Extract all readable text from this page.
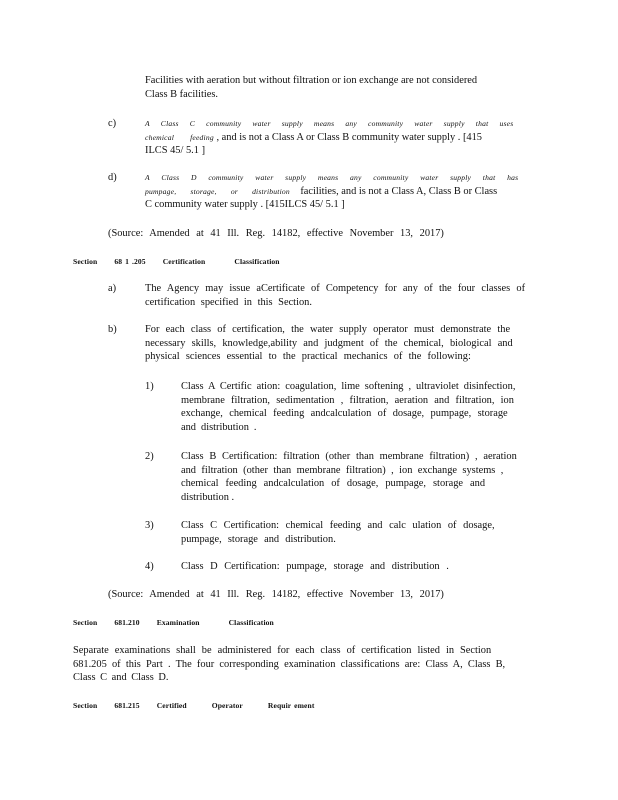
Facilities with aeration but without filtration or ion exchange are not considered
Class B facilities.
c)	A Class C community water supply means any community water supply that uses
chemical feeding , and is not a Class A or Class B community water supply . [415
ILCS 45/ 5.1 ]
d)	A Class D community water supply means any community water supply that has
pumpage, storage, or distribution facilities, and is not a Class A, Class B or Class
C community water supply . [415ILCS 45/ 5.1 ]
(Source: Amended at 41 Ill. Reg. 14182, effective November 13, 2017)
Section 68 1 .205 Certification	Classification
a)	The Agency may issue aCertificate of Competency for any of the four classes of
certification specified in this Section.
b)	For each class of certification, the water supply operator must demonstrate the
necessary skills, knowledge,ability and judgment of the chemical, biological and
physical sciences essential to the practical mechanics of the following:
1)	Class A Certific ation: coagulation, lime softening , ultraviolet disinfection,
membrane filtration, sedimentation , filtration, aeration and filtration, ion
exchange, chemical feeding andcalculation of dosage, pumpage, storage
and distribution .
2)	Class B Certification: filtration (other than membrane filtration) , aeration
and filtration (other than membrane filtration) , ion exchange systems ,
chemical feeding andcalculation of dosage, pumpage, storage and
distribution .
3)	Class C Certification: chemical feeding and calc ulation of dosage,
pumpage, storage and distribution.
4)	Class D Certification: pumpage, storage and distribution .
(Source: Amended at 41 Ill. Reg. 14182, effective November 13, 2017)
Section 681.210 Examination	Classification
Separate examinations shall be administered for each class of certification listed in Section
681.205 of this Part . The four corresponding examination classifications are: Class A, Class B,
Class C and Class D.
Section 681.215 Certified	Operator	Requir ement
